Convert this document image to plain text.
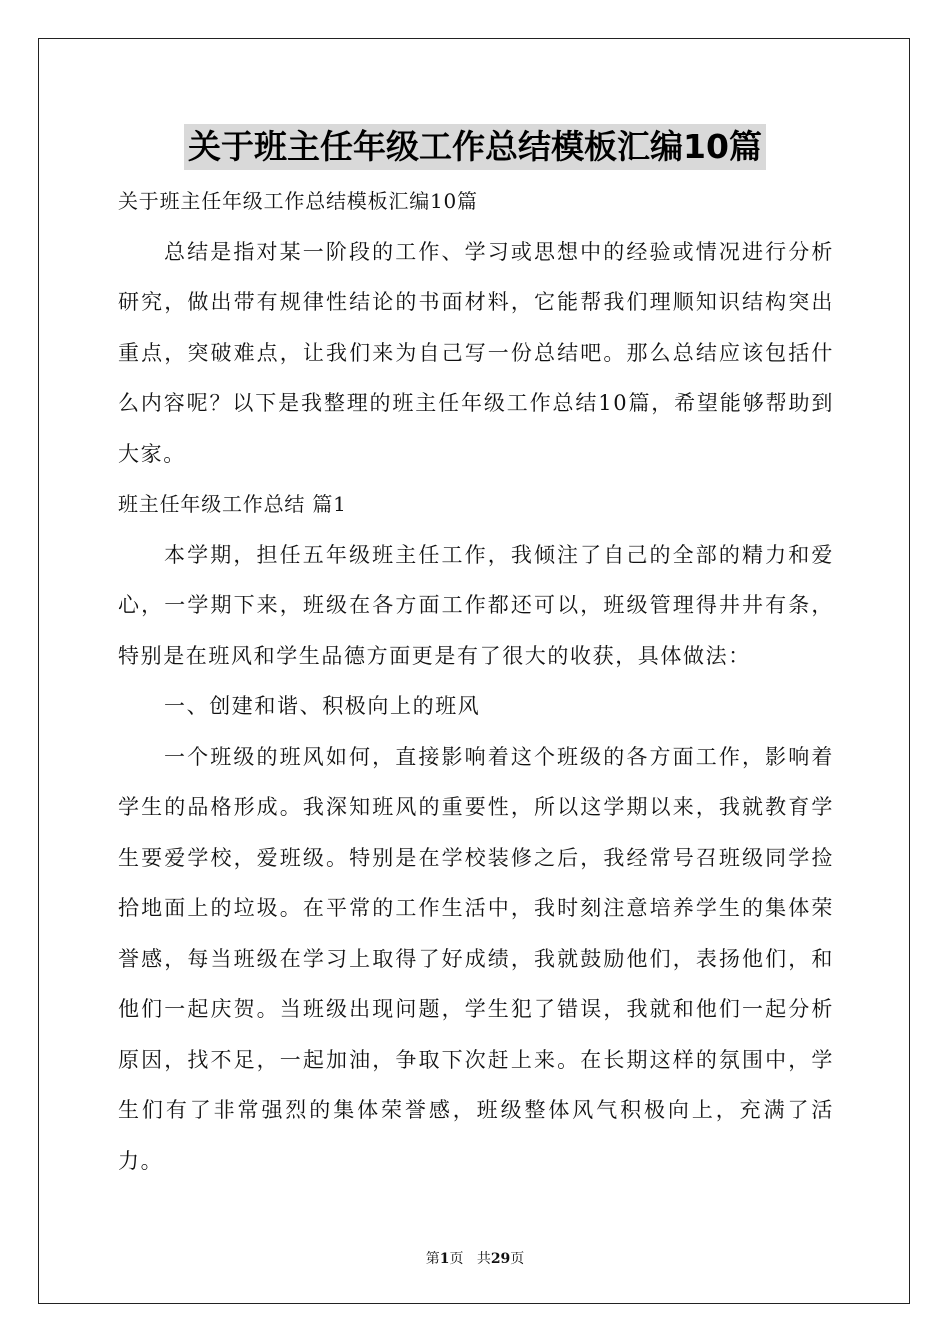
关于班主任年级工作总结模板汇编10篇

关于班主任年级工作总结模板汇编10篇

总结是指对某一阶段的工作、学习或思想中的经验或情况进行分析研究，做出带有规律性结论的书面材料，它能帮我们理顺知识结构突出重点，突破难点，让我们来为自己写一份总结吧。那么总结应该包括什么内容呢？以下是我整理的班主任年级工作总结10篇，希望能够帮助到大家。

班主任年级工作总结 篇1

本学期，担任五年级班主任工作，我倾注了自己的全部的精力和爱心，一学期下来，班级在各方面工作都还可以，班级管理得井井有条，特别是在班风和学生品德方面更是有了很大的收获，具体做法：

一、创建和谐、积极向上的班风

一个班级的班风如何，直接影响着这个班级的各方面工作，影响着学生的品格形成。我深知班风的重要性，所以这学期以来，我就教育学生要爱学校，爱班级。特别是在学校装修之后，我经常号召班级同学捡拾地面上的垃圾。在平常的工作生活中，我时刻注意培养学生的集体荣誉感，每当班级在学习上取得了好成绩，我就鼓励他们，表扬他们，和他们一起庆贺。当班级出现问题，学生犯了错误，我就和他们一起分析原因，找不足，一起加油，争取下次赶上来。在长期这样的氛围中，学生们有了非常强烈的集体荣誉感，班级整体风气积极向上，充满了活力。

第1页 共29页
